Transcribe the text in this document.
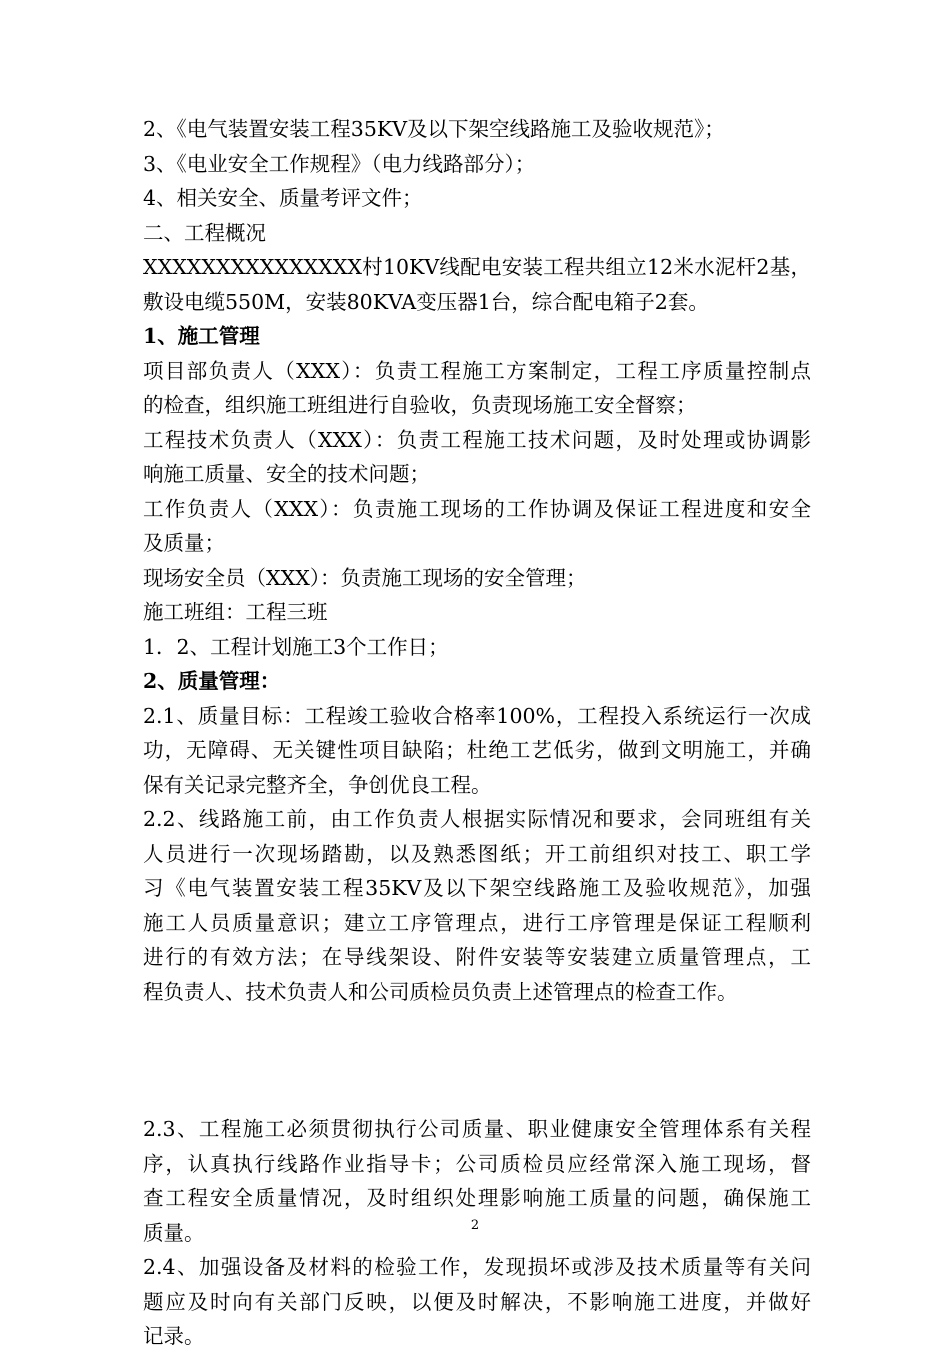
2、《电气装置安装工程35KV及以下架空线路施工及验收规范》；
3、《电业安全工作规程》（电力线路部分）；
4、相关安全、质量考评文件；
二、工程概况
XXXXXXXXXXXXXXX村10KV线配电安装工程共组立12米水泥杆2基，
敷设电缆550M，安装80KVA变压器1台，综合配电箱子2套。
1、施工管理
项目部负责人（XXX）：负责工程施工方案制定，工程工序质量控制点
的检查，组织施工班组进行自验收，负责现场施工安全督察；
工程技术负责人（XXX）：负责工程施工技术问题，及时处理或协调影
响施工质量、安全的技术问题；
工作负责人（XXX）：负责施工现场的工作协调及保证工程进度和安全
及质量；
现场安全员（XXX）：负责施工现场的安全管理；
施工班组：工程三班
1．2、工程计划施工3个工作日；
2、质量管理：
2.1、质量目标：工程竣工验收合格率100%，工程投入系统运行一次成
功，无障碍、无关键性项目缺陷；杜绝工艺低劣，做到文明施工，并确
保有关记录完整齐全，争创优良工程。
2.2、线路施工前，由工作负责人根据实际情况和要求，会同班组有关
人员进行一次现场踏勘，以及熟悉图纸；开工前组织对技工、职工学
习《电气装置安装工程35KV及以下架空线路施工及验收规范》，加强
施工人员质量意识；建立工序管理点，进行工序管理是保证工程顺利
进行的有效方法；在导线架设、附件安装等安装建立质量管理点，工
程负责人、技术负责人和公司质检员负责上述管理点的检查工作。
2.3、工程施工必须贯彻执行公司质量、职业健康安全管理体系有关程
序，认真执行线路作业指导卡；公司质检员应经常深入施工现场，督
查工程安全质量情况，及时组织处理影响施工质量的问题，确保施工
质量。
2.4、加强设备及材料的检验工作，发现损坏或涉及技术质量等有关问
题应及时向有关部门反映，以便及时解决，不影响施工进度，并做好
记录。
2
